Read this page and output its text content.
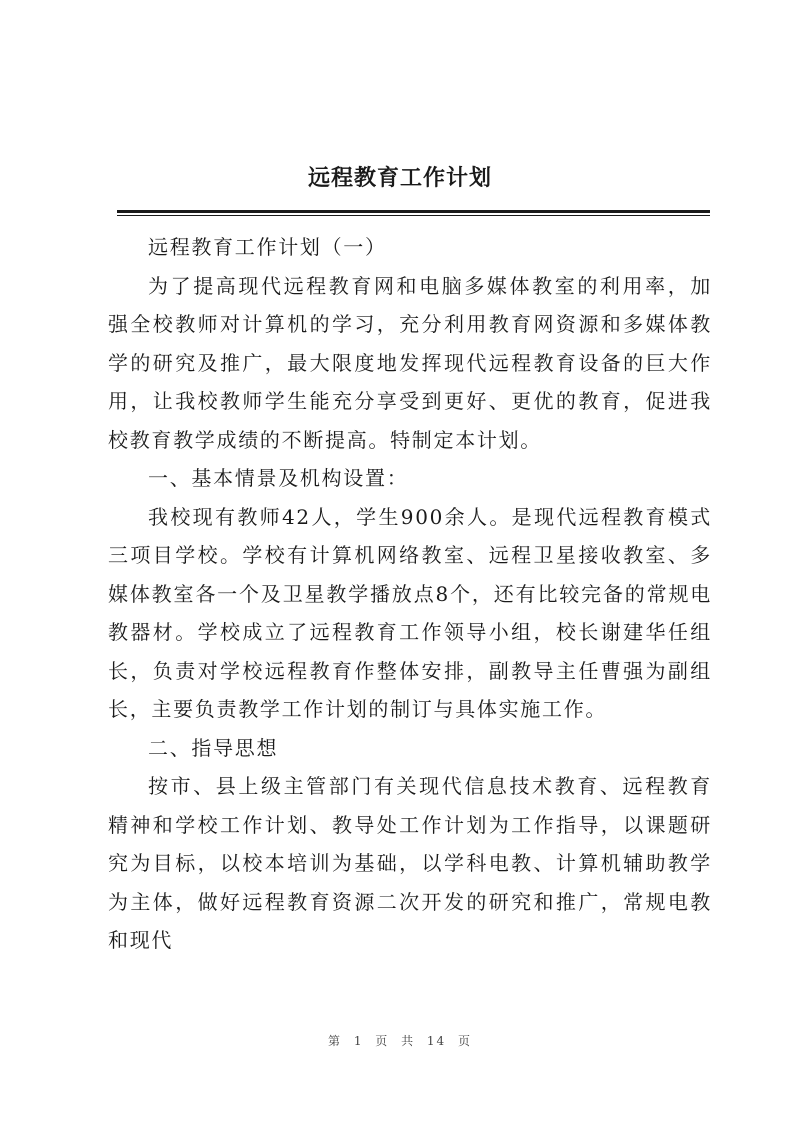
远程教育工作计划

远程教育工作计划（一）

为了提高现代远程教育网和电脑多媒体教室的利用率，加强全校教师对计算机的学习，充分利用教育网资源和多媒体教学的研究及推广，最大限度地发挥现代远程教育设备的巨大作用，让我校教师学生能充分享受到更好、更优的教育，促进我校教育教学成绩的不断提高。特制定本计划。

一、基本情景及机构设置：

我校现有教师42人，学生900余人。是现代远程教育模式三项目学校。学校有计算机网络教室、远程卫星接收教室、多媒体教室各一个及卫星教学播放点8个，还有比较完备的常规电教器材。学校成立了远程教育工作领导小组，校长谢建华任组长，负责对学校远程教育作整体安排，副教导主任曹强为副组长，主要负责教学工作计划的制订与具体实施工作。

二、指导思想

按市、县上级主管部门有关现代信息技术教育、远程教育精神和学校工作计划、教导处工作计划为工作指导，以课题研究为目标，以校本培训为基础，以学科电教、计算机辅助教学为主体，做好远程教育资源二次开发的研究和推广，常规电教和现代

第 1 页 共 14 页
